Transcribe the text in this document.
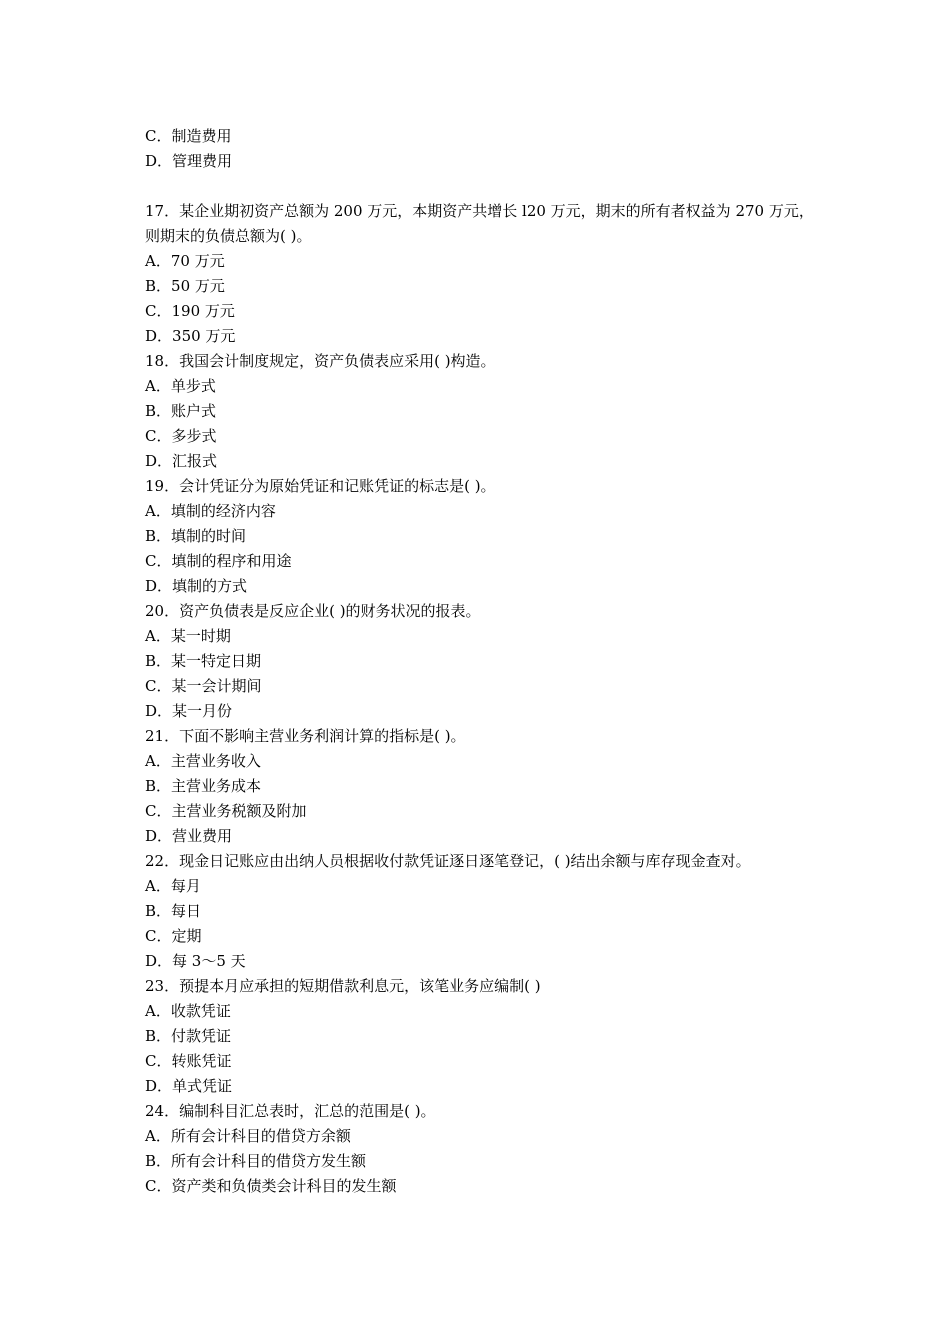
C．制造费用
D．管理费用
17．某企业期初资产总额为 200 万元，本期资产共增长 l20 万元，期末的所有者权益为 270 万元，则期末的负债总额为( )。
A．70 万元
B．50 万元
C．190 万元
D．350 万元
18．我国会计制度规定，资产负债表应采用( )构造。
A．单步式
B．账户式
C．多步式
D．汇报式
19．会计凭证分为原始凭证和记账凭证的标志是( )。
A．填制的经济内容
B．填制的时间
C．填制的程序和用途
D．填制的方式
20．资产负债表是反应企业( )的财务状况的报表。
A．某一时期
B．某一特定日期
C．某一会计期间
D．某一月份
21．下面不影响主营业务利润计算的指标是( )。
A．主营业务收入
B．主营业务成本
C．主营业务税额及附加
D．营业费用
22．现金日记账应由出纳人员根据收付款凭证逐日逐笔登记，( )结出余额与库存现金查对。
A．每月
B．每日
C．定期
D．每 3～5 天
23．预提本月应承担的短期借款利息元，该笔业务应编制( )
A．收款凭证
B．付款凭证
C．转账凭证
D．单式凭证
24．编制科目汇总表时，汇总的范围是( )。
A．所有会计科目的借贷方余额
B．所有会计科目的借贷方发生额
C．资产类和负债类会计科目的发生额
